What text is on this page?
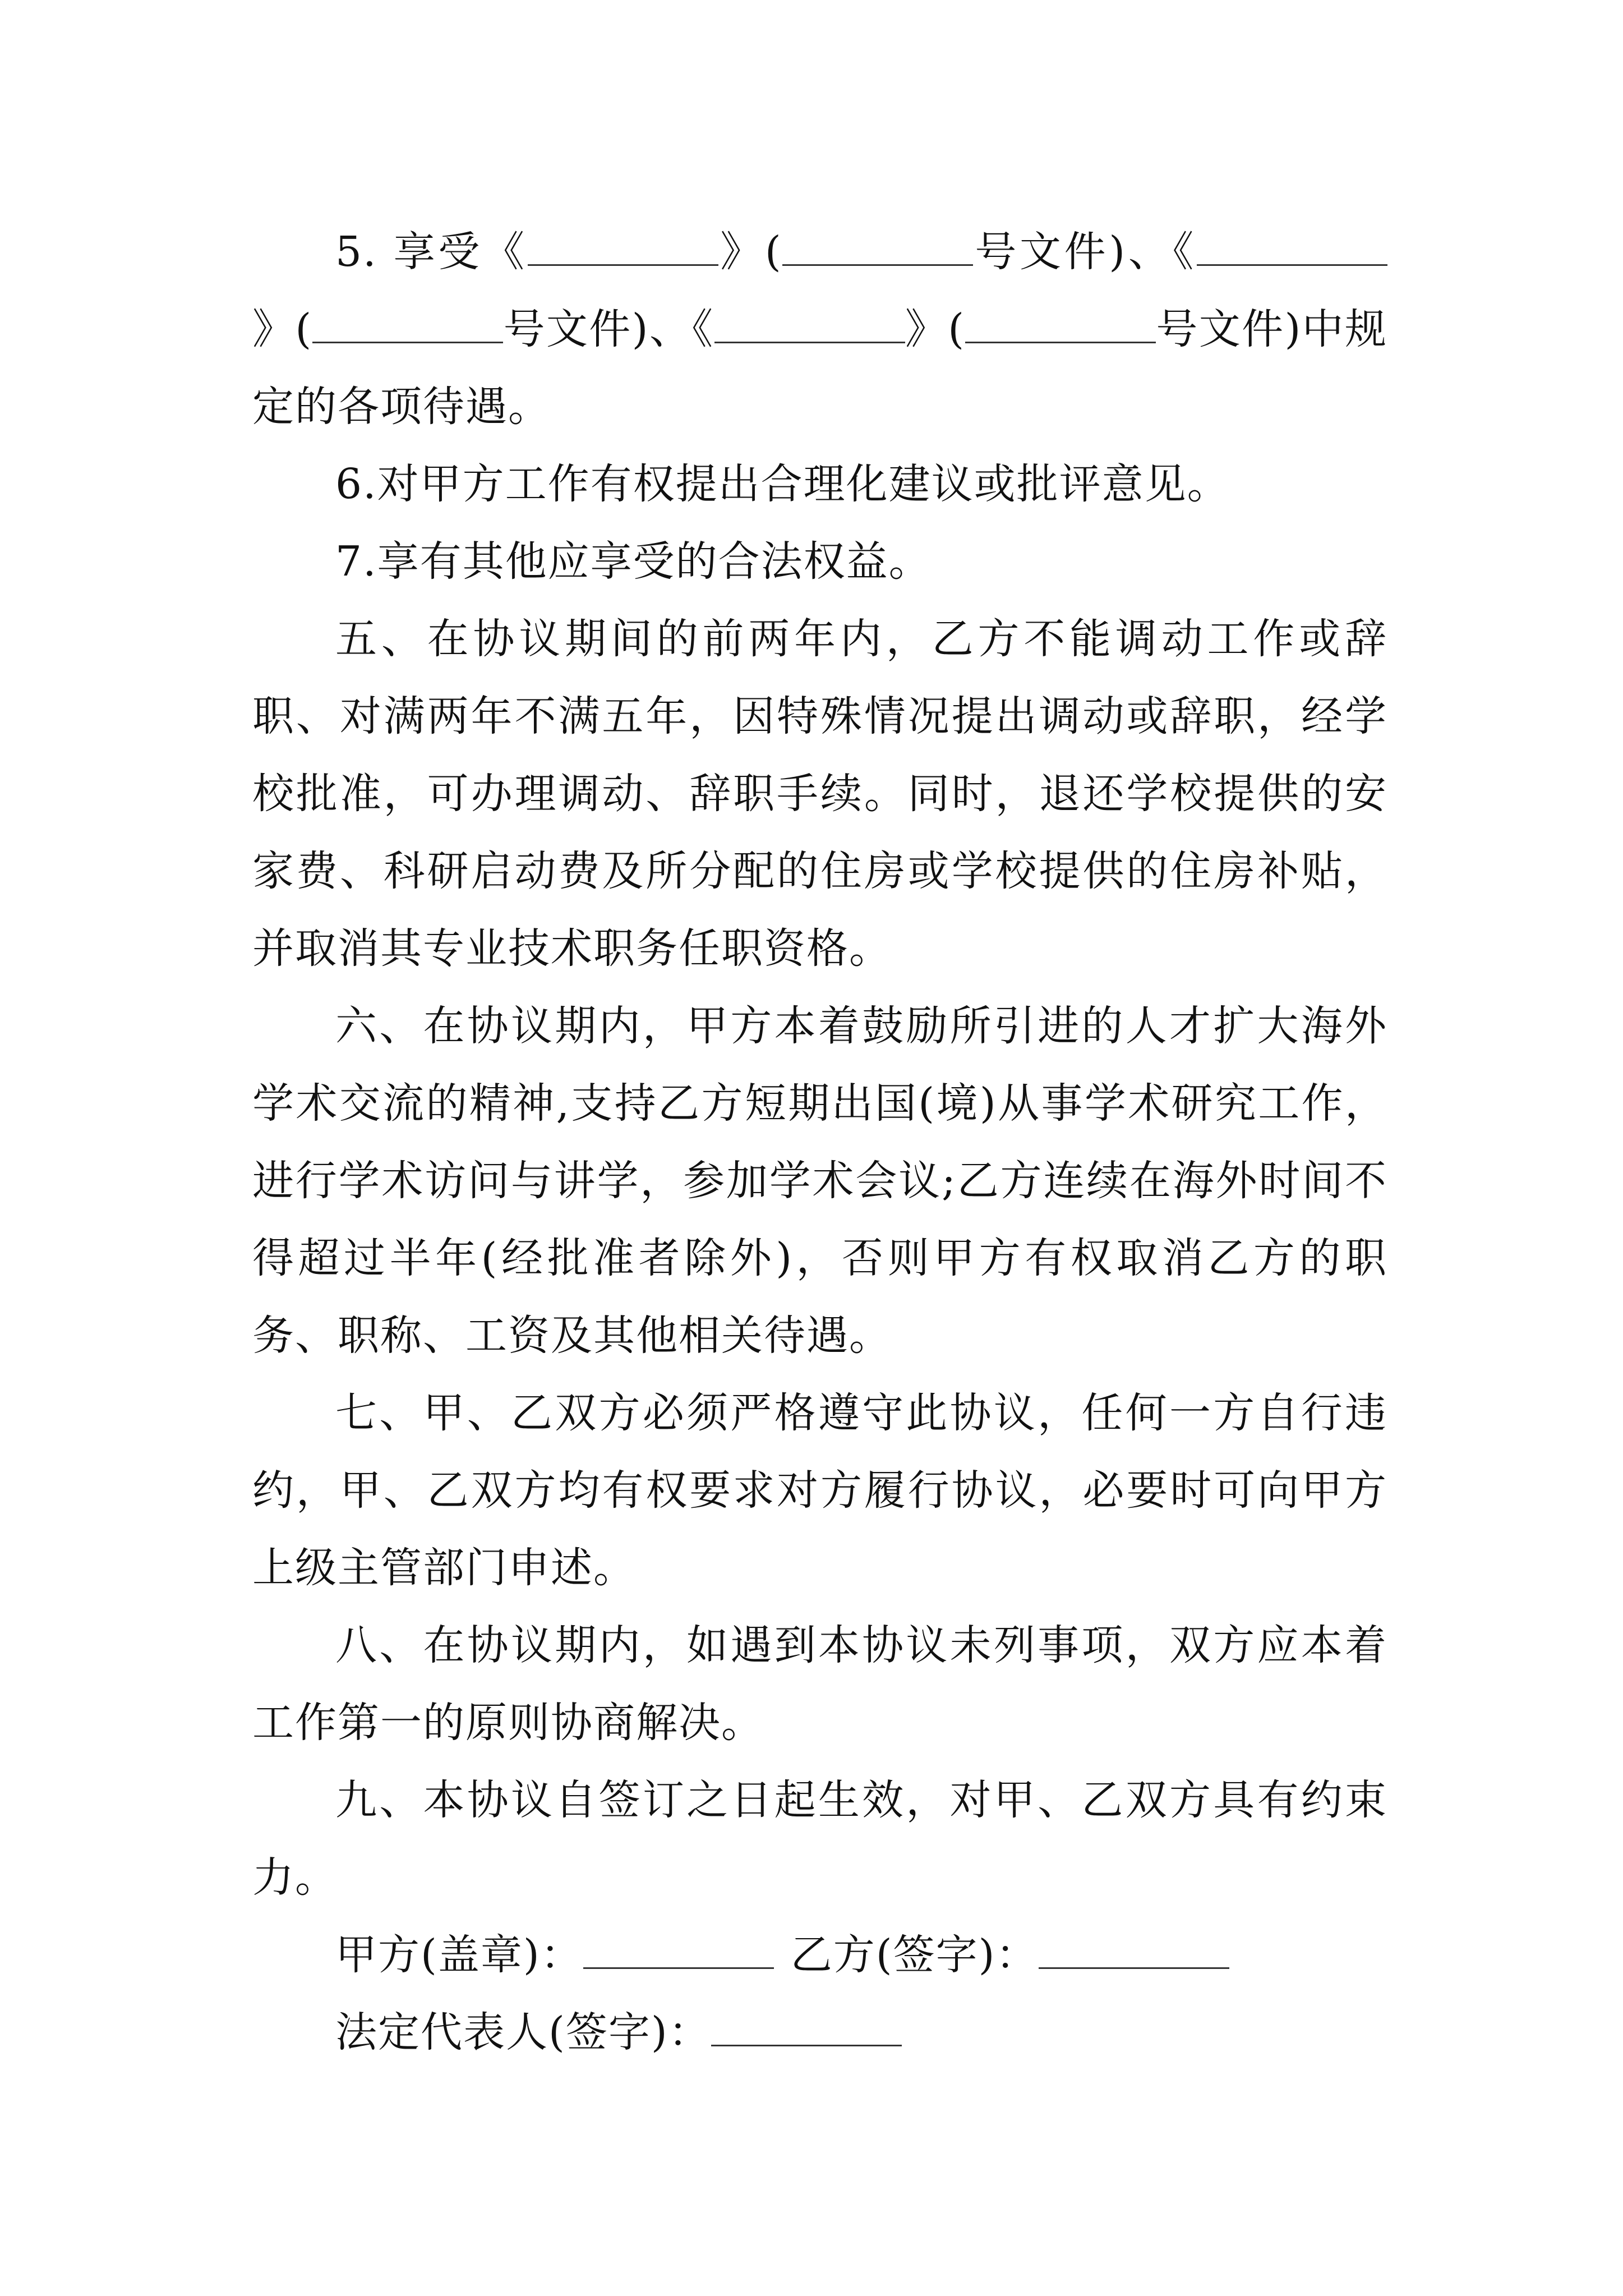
5. 享受《	》(	号文件)、《》(	号文件)、《	》(	号文件)中规定的各项待遇。

6.对甲方工作有权提出合理化建议或批评意见。

7.享有其他应享受的合法权益。

五、在协议期间的前两年内，乙方不能调动工作或辞职、对满两年不满五年，因特殊情况提出调动或辞职，经学校批准，可办理调动、辞职手续。同时，退还学校提供的安家费、科研启动费及所分配的住房或学校提供的住房补贴，并取消其专业技术职务任职资格。

六、在协议期内，甲方本着鼓励所引进的人才扩大海外学术交流的精神,支持乙方短期出国(境)从事学术研究工作，进行学术访问与讲学，参加学术会议;乙方连续在海外时间不得超过半年(经批准者除外)，否则甲方有权取消乙方的职务、职称、工资及其他相关待遇。

七、甲、乙双方必须严格遵守此协议，任何一方自行违约，甲、乙双方均有权要求对方履行协议，必要时可向甲方上级主管部门申述。

八、在协议期内，如遇到本协议未列事项，双方应本着工作第一的原则协商解决。

九、本协议自签订之日起生效，对甲、乙双方具有约束力。

甲方(盖章)：	乙方(签字)：

法定代表人(签字)：
